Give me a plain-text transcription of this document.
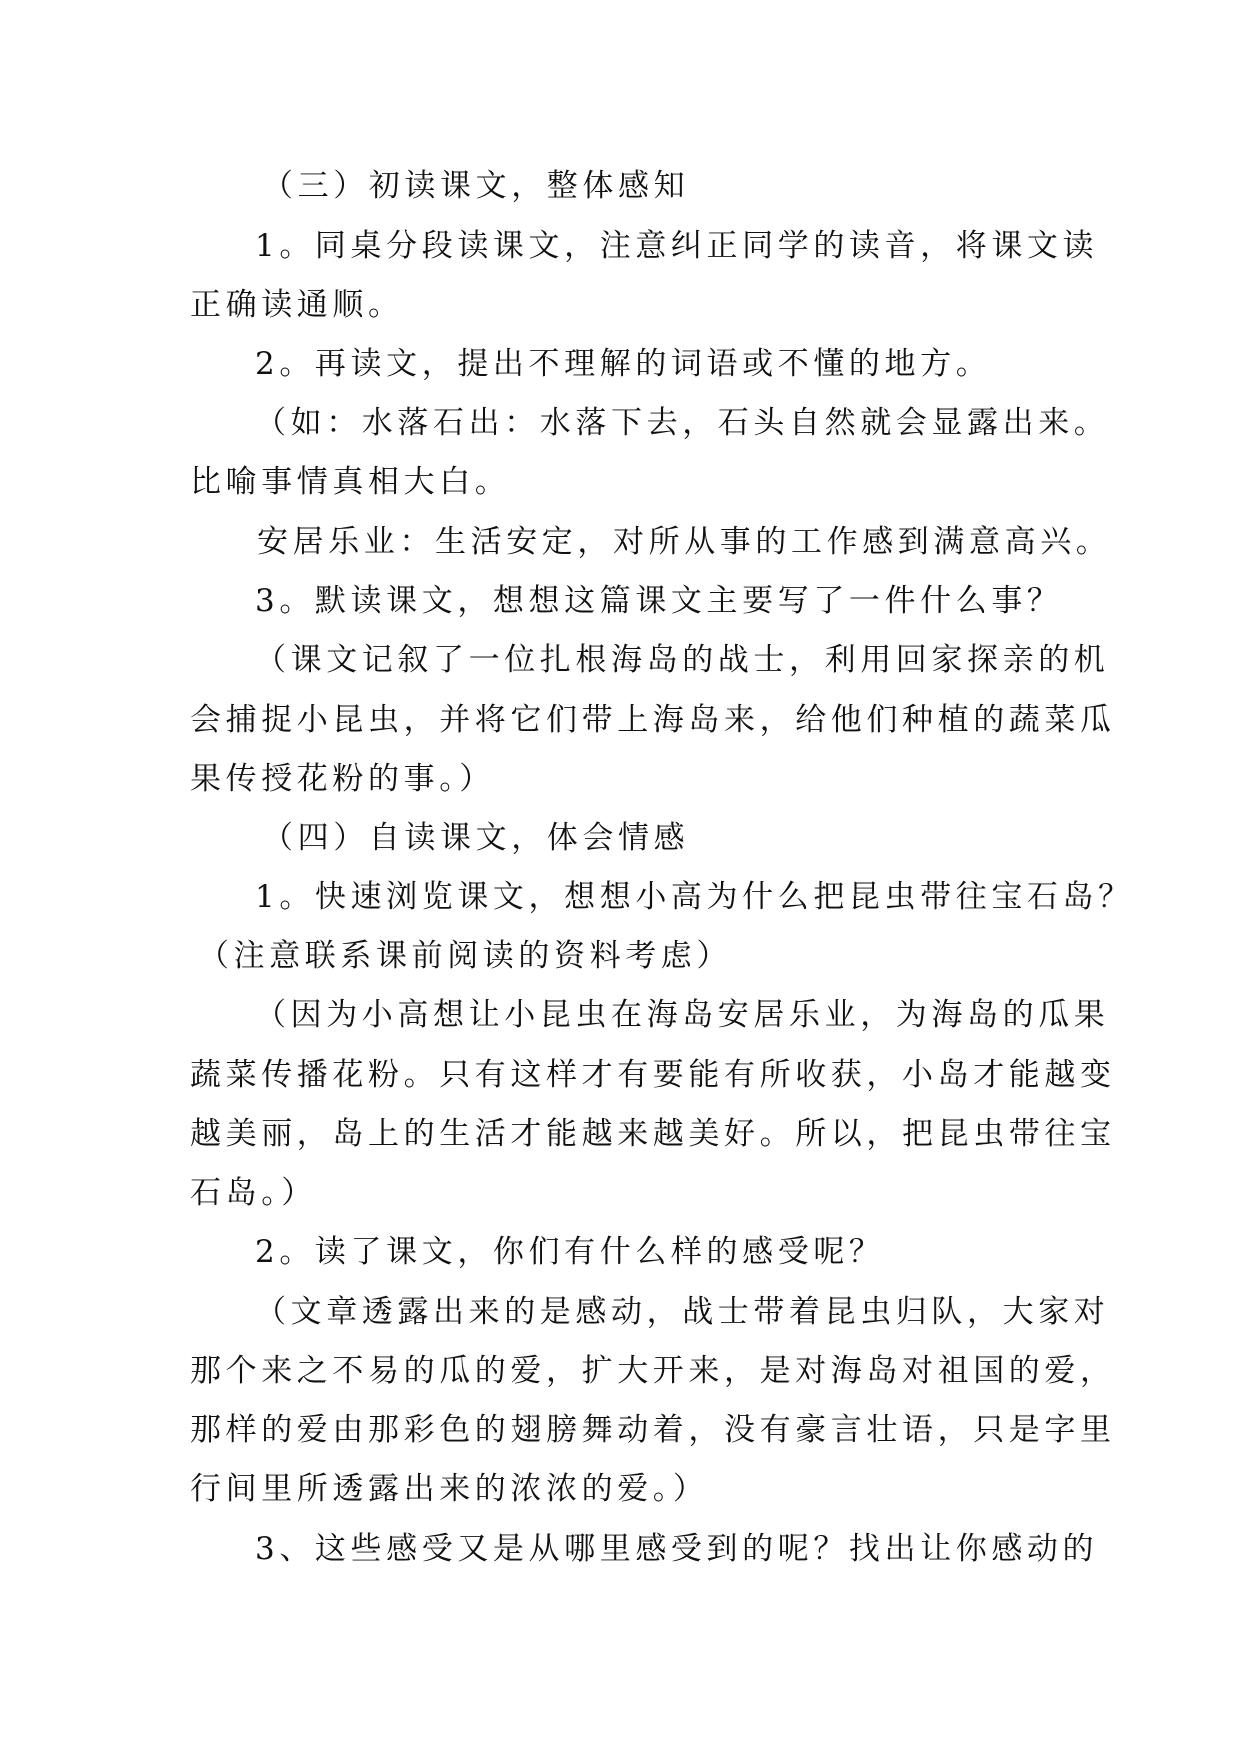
（三）初读课文，整体感知
1。同桌分段读课文，注意纠正同学的读音，将课文读
正确读通顺。
2。再读文，提出不理解的词语或不懂的地方。
（如：水落石出：水落下去，石头自然就会显露出来。
比喻事情真相大白。
安居乐业：生活安定，对所从事的工作感到满意高兴。
3。默读课文，想想这篇课文主要写了一件什么事？
（课文记叙了一位扎根海岛的战士，利用回家探亲的机
会捕捉小昆虫，并将它们带上海岛来，给他们种植的蔬菜瓜
果传授花粉的事。）
（四）自读课文，体会情感
1。快速浏览课文，想想小高为什么把昆虫带往宝石岛？
（注意联系课前阅读的资料考虑）
（因为小高想让小昆虫在海岛安居乐业，为海岛的瓜果
蔬菜传播花粉。只有这样才有要能有所收获，小岛才能越变
越美丽，岛上的生活才能越来越美好。所以，把昆虫带往宝
石岛。）
2。读了课文，你们有什么样的感受呢？
（文章透露出来的是感动，战士带着昆虫归队，大家对
那个来之不易的瓜的爱，扩大开来，是对海岛对祖国的爱，
那样的爱由那彩色的翅膀舞动着，没有豪言壮语，只是字里
行间里所透露出来的浓浓的爱。）
3、这些感受又是从哪里感受到的呢？找出让你感动的
